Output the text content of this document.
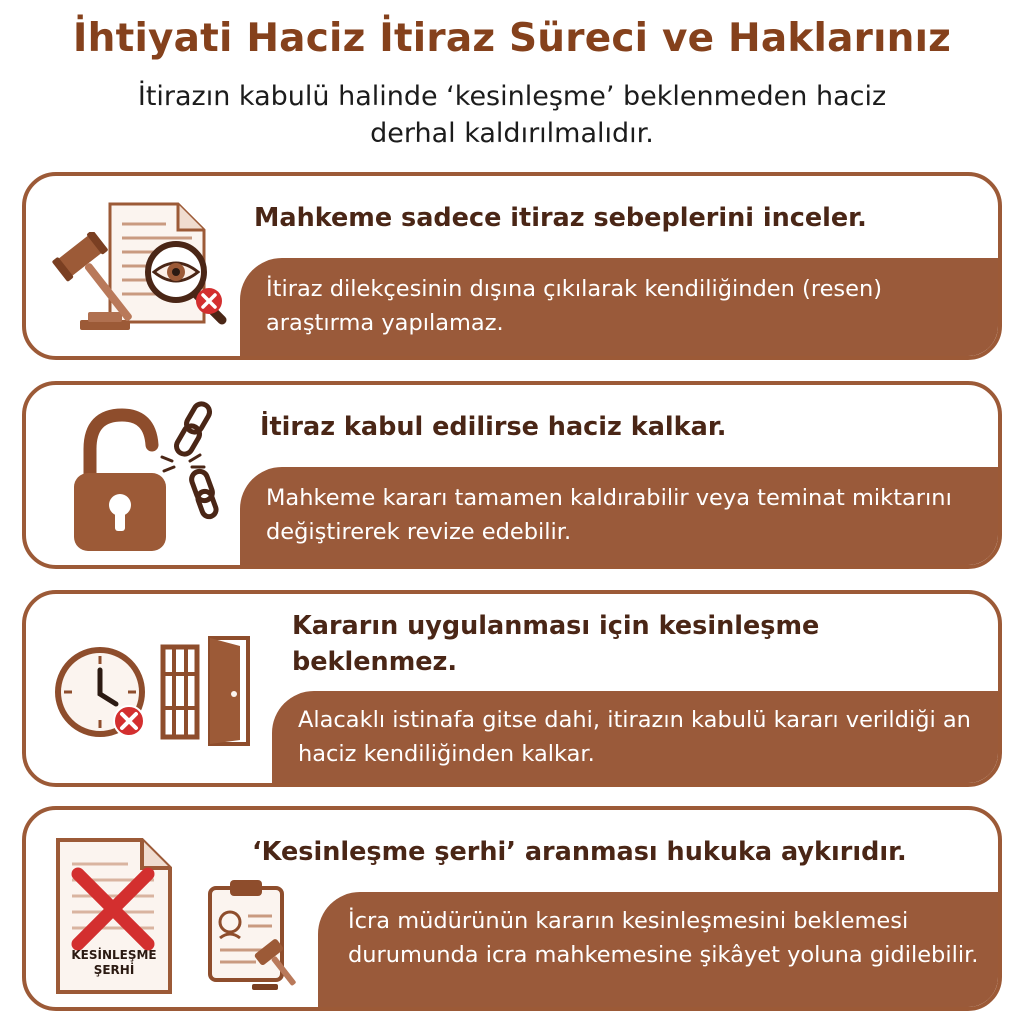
İhtiyati Haciz İtiraz Süreci ve Haklarınız
İtirazın kabulü halinde ‘kesinleşme’ beklenmeden haciz derhal kaldırılmalıdır.
Mahkeme sadece itiraz sebeplerini inceler.
İtiraz dilekçesinin dışına çıkılarak kendiliğinden (resen) araştırma yapılamaz.
İtiraz kabul edilirse haciz kalkar.
Mahkeme kararı tamamen kaldırabilir veya teminat miktarını değiştirerek revize edebilir.
Kararın uygulanması için kesinleşme beklenmez.
Alacaklı istinafa gitse dahi, itirazın kabulü kararı verildiği an haciz kendiliğinden kalkar.
‘Kesinleşme şerhi’ aranması hukuka aykırıdır.
İcra müdürünün kararın kesinleşmesini beklemesi durumunda icra mahkemesine şikâyet yoluna gidilebilir.
KESİNLEŞME ŞERHİ
